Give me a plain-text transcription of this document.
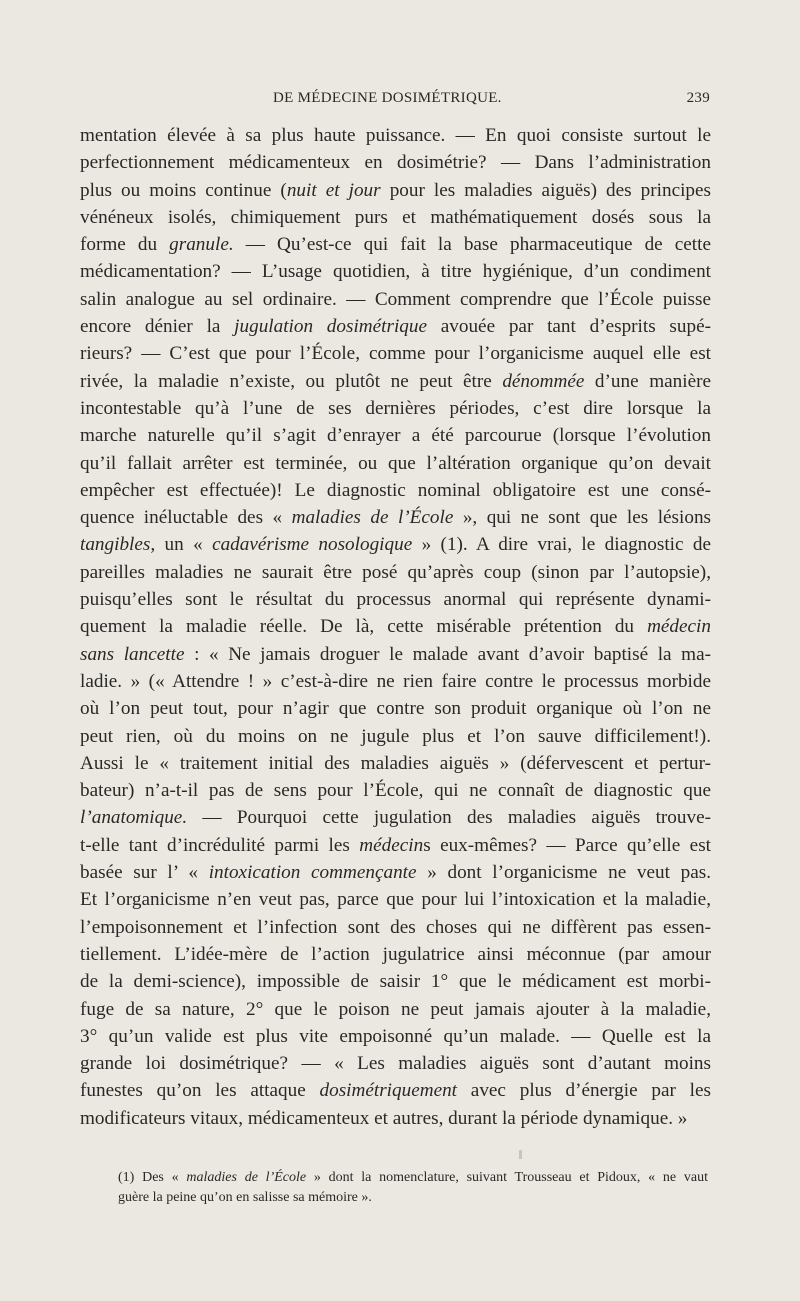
DE MÉDECINE DOSIMÉTRIQUE.	239

mentation élevée à sa plus haute puissance. — En quoi consiste surtout le
perfectionnement médicamenteux en dosimétrie? — Dans l’administration
plus ou moins continue (nuit et jour pour les maladies aiguës) des principes
vénéneux isolés, chimiquement purs et mathématiquement dosés sous la
forme du granule. — Qu’est-ce qui fait la base pharmaceutique de cette
médicamentation? — L’usage quotidien, à titre hygiénique, d’un condiment
salin analogue au sel ordinaire. — Comment comprendre que l’École puisse
encore dénier la jugulation dosimétrique avouée par tant d’esprits supé-
rieurs? — C’est que pour l’École, comme pour l’organicisme auquel elle est
rivée, la maladie n’existe, ou plutôt ne peut être dénommée d’une manière
incontestable qu’à l’une de ses dernières périodes, c’est dire lorsque la
marche naturelle qu’il s’agit d’enrayer a été parcourue (lorsque l’évolution
qu’il fallait arrêter est terminée, ou que l’altération organique qu’on devait
empêcher est effectuée)! Le diagnostic nominal obligatoire est une consé-
quence inéluctable des « maladies de l’École », qui ne sont que les lésions
tangibles, un « cadavérisme nosologique » (1). A dire vrai, le diagnostic de
pareilles maladies ne saurait être posé qu’après coup (sinon par l’autopsie),
puisqu’elles sont le résultat du processus anormal qui représente dynami-
quement la maladie réelle. De là, cette misérable prétention du médecin
sans lancette : « Ne jamais droguer le malade avant d’avoir baptisé la ma-
ladie. » (« Attendre ! » c’est-à-dire ne rien faire contre le processus morbide
où l’on peut tout, pour n’agir que contre son produit organique où l’on ne
peut rien, où du moins on ne jugule plus et l’on sauve difficilement!).
Aussi le « traitement initial des maladies aiguës » (défervescent et pertur-
bateur) n’a-t-il pas de sens pour l’École, qui ne connaît de diagnostic que
l’anatomique. — Pourquoi cette jugulation des maladies aiguës trouve-
t-elle tant d’incrédulité parmi les médecins eux-mêmes? — Parce qu’elle est
basée sur l’ « intoxication commençante » dont l’organicisme ne veut pas.
Et l’organicisme n’en veut pas, parce que pour lui l’intoxication et la maladie,
l’empoisonnement et l’infection sont des choses qui ne diffèrent pas essen-
tiellement. L’idée-mère de l’action jugulatrice ainsi méconnue (par amour
de la demi-science), impossible de saisir 1° que le médicament est morbi-
fuge de sa nature, 2° que le poison ne peut jamais ajouter à la maladie,
3° qu’un valide est plus vite empoisonné qu’un malade. — Quelle est la
grande loi dosimétrique? — « Les maladies aiguës sont d’autant moins
funestes qu’on les attaque dosimétriquement avec plus d’énergie par les
modificateurs vitaux, médicamenteux et autres, durant la période dynamique. »

(1) Des « maladies de l’École » dont la nomenclature, suivant Trousseau et Pidoux, « ne vaut
guère la peine qu’on en salisse sa mémoire ».
